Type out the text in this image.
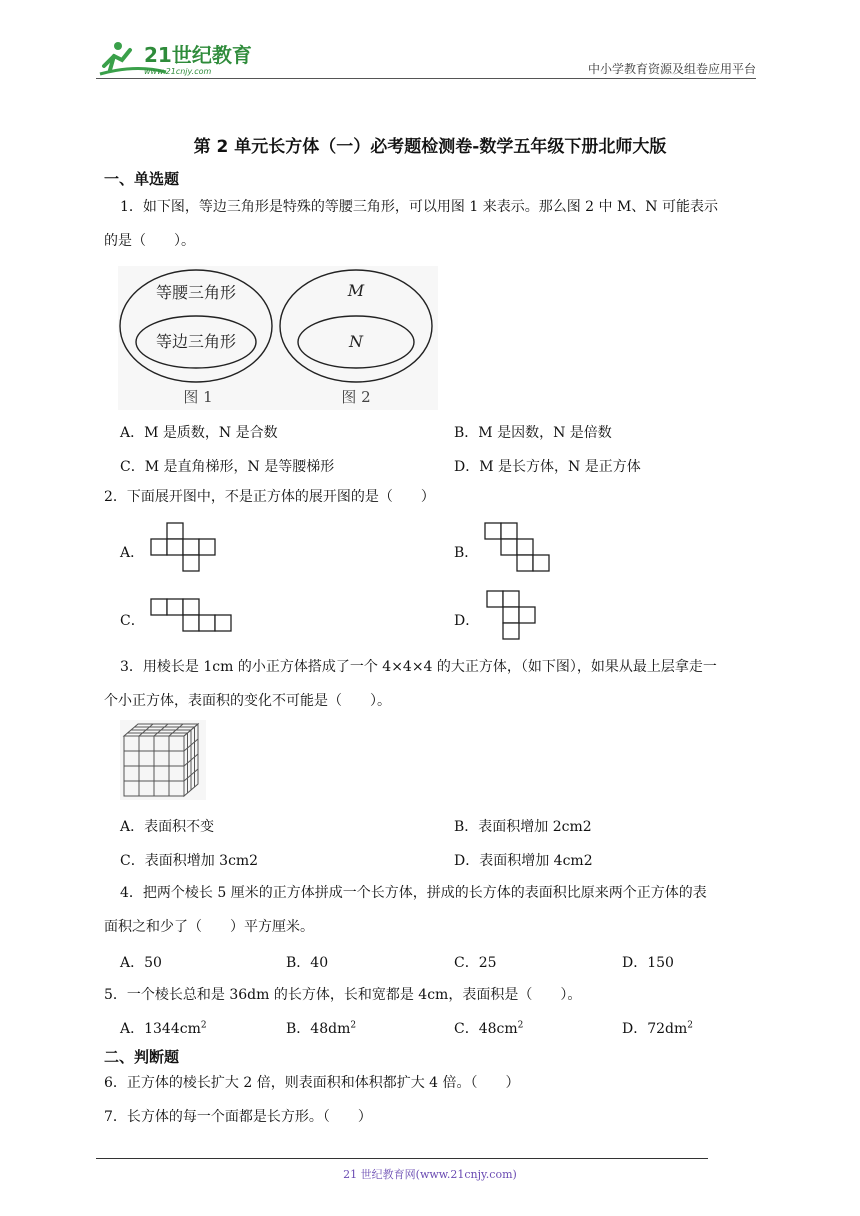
21世纪教育
www.21cnjy.com	中小学教育资源及组卷应用平台
第 2 单元长方体（一）必考题检测卷-数学五年级下册北师大版
一、单选题
1．如下图，等边三角形是特殊的等腰三角形，可以用图 1 来表示。那么图 2 中 M、N 可能表示
的是（　　）。
等腰三角形
等边三角形
图 1
M
N
图 2
A．M 是质数，N 是合数	B．M 是因数，N 是倍数
C．M 是直角梯形，N 是等腰梯形	D．M 是长方体，N 是正方体
2．下面展开图中，不是正方体的展开图的是（　　）
A．	B．
C．	D．
3．用棱长是 1cm 的小正方体搭成了一个 4×4×4 的大正方体，（如下图），如果从最上层拿走一
个小正方体，表面积的变化不可能是（　　）。
A．表面积不变	B．表面积增加 2cm2
C．表面积增加 3cm2	D．表面积增加 4cm2
4．把两个棱长 5 厘米的正方体拼成一个长方体，拼成的长方体的表面积比原来两个正方体的表
面积之和少了（　　）平方厘米。
A．50	B．40	C．25	D．150
5．一个棱长总和是 36dm 的长方体，长和宽都是 4cm，表面积是（　　）。
A．$1344cm^2$	B．$48dm^2$	C．$48cm^2$	D．$72dm^2$
二、判断题
6．正方体的棱长扩大 2 倍，则表面积和体积都扩大 4 倍。（　　）
7．长方体的每一个面都是长方形。（　　）
21 世纪教育网(www.21cnjy.com)
